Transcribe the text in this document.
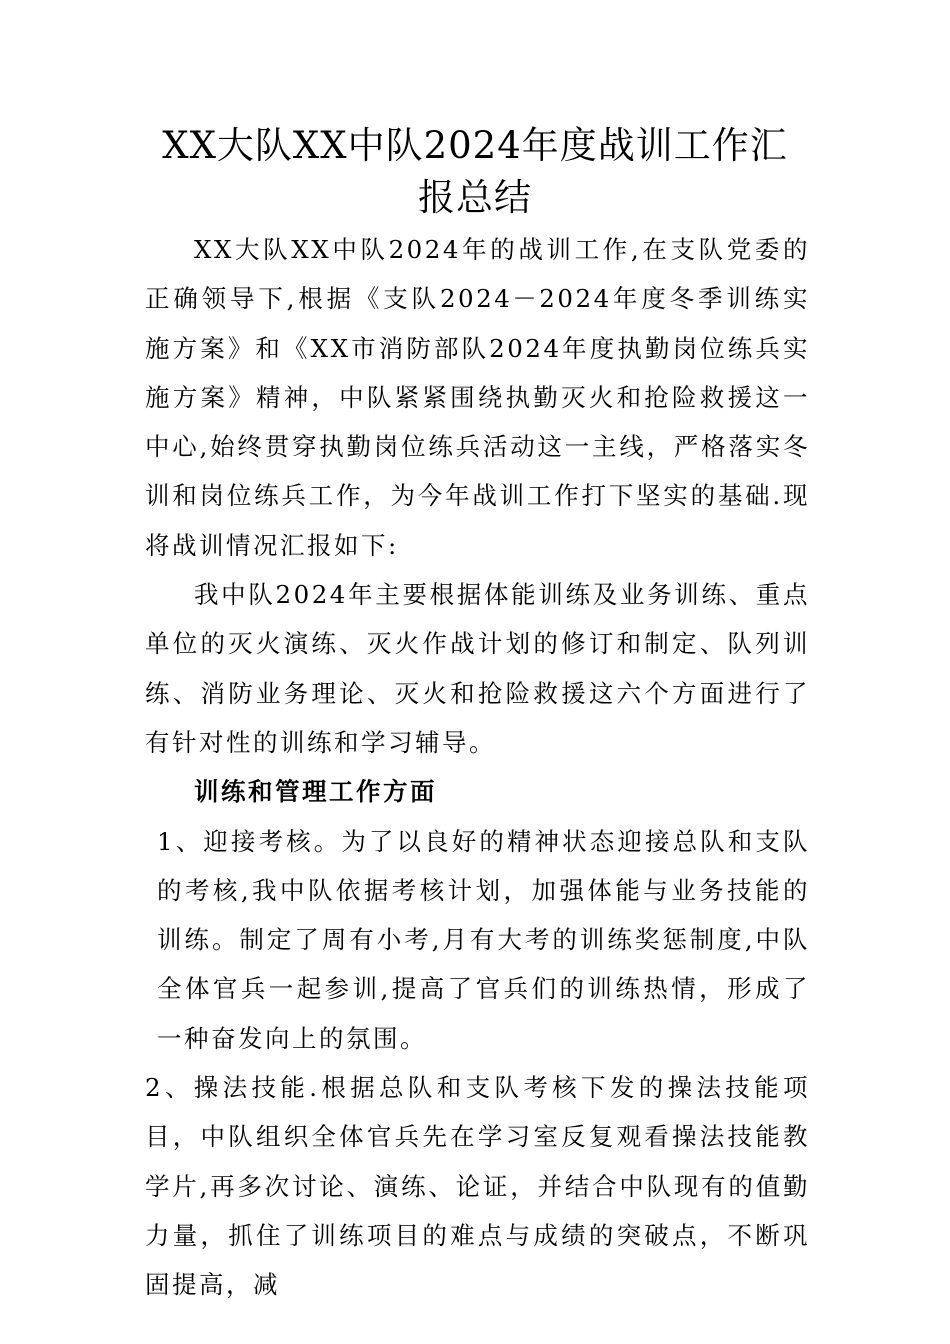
XX大队XX中队2024年度战训工作汇报总结

XX大队XX中队2024年的战训工作,在支队党委的正确领导下,根据《支队2024－2024年度冬季训练实施方案》和《XX市消防部队2024年度执勤岗位练兵实施方案》精神，中队紧紧围绕执勤灭火和抢险救援这一中心,始终贯穿执勤岗位练兵活动这一主线，严格落实冬训和岗位练兵工作，为今年战训工作打下坚实的基础.现将战训情况汇报如下:

我中队2024年主要根据体能训练及业务训练、重点单位的灭火演练、灭火作战计划的修订和制定、队列训练、消防业务理论、灭火和抢险救援这六个方面进行了有针对性的训练和学习辅导。

训练和管理工作方面

1、迎接考核。为了以良好的精神状态迎接总队和支队的考核,我中队依据考核计划，加强体能与业务技能的训练。制定了周有小考,月有大考的训练奖惩制度,中队全体官兵一起参训,提高了官兵们的训练热情，形成了一种奋发向上的氛围。

2、操法技能.根据总队和支队考核下发的操法技能项目，中队组织全体官兵先在学习室反复观看操法技能教学片,再多次讨论、演练、论证，并结合中队现有的值勤力量，抓住了训练项目的难点与成绩的突破点，不断巩固提高，减
